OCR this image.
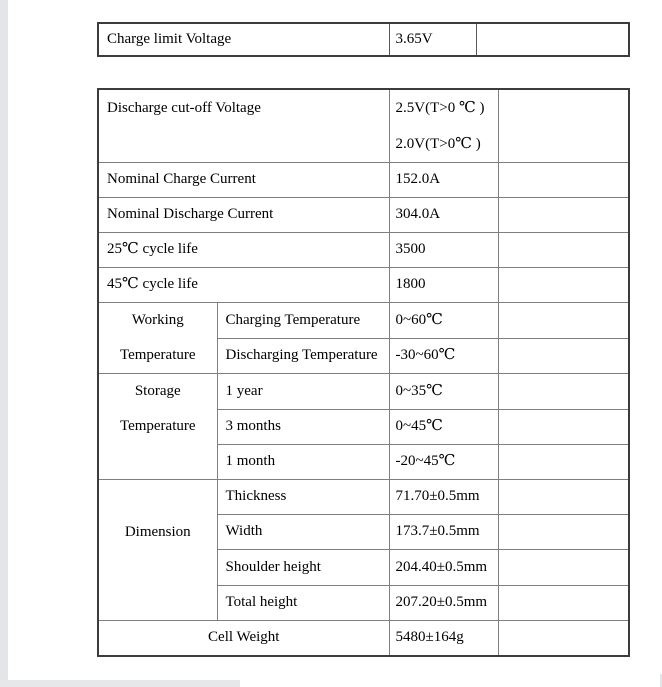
Charge limit Voltage	3.65V	
Discharge cut-off Voltage		2.5V(T>0 ℃ )
2.0V(T>0℃ )	

Nominal Charge Current		152.0A	
Nominal Discharge Current		304.0A	
25℃ cycle life		3500	
45℃ cycle life		1800	

Working
Temperature	Charging Temperature	0~60℃	
	Discharging Temperature	-30~60℃	

Storage
Temperature	1 year	0~35℃	
	3 months	0~45℃	
	1 month	-20~45℃	

Dimension	Thickness	71.70±0.5mm	
	Width	173.7±0.5mm	
	Shoulder height	204.40±0.5mm	
	Total height	207.20±0.5mm	
Cell Weight		5480±164g	
